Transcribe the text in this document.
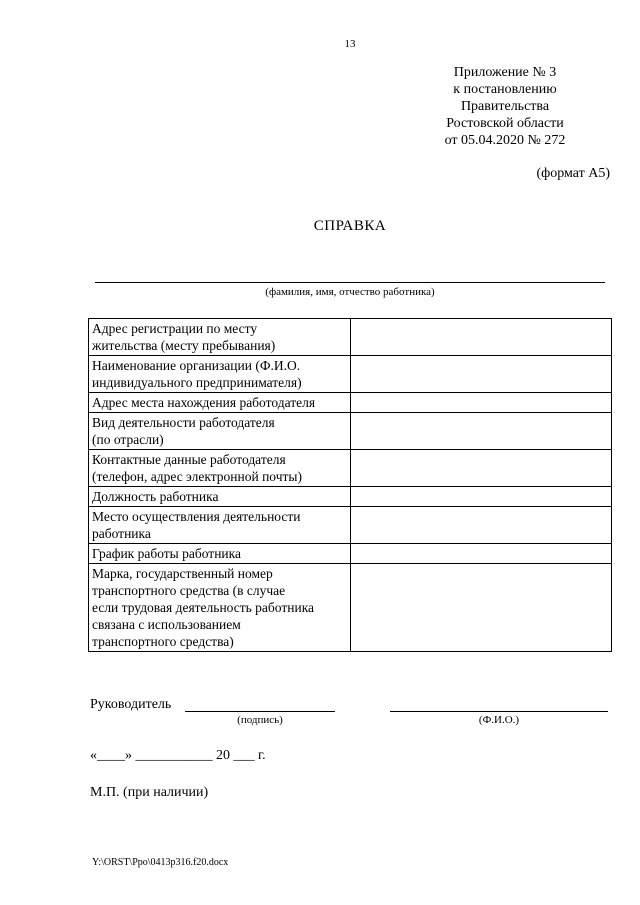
13
Приложение № 3
к постановлению
Правительства
Ростовской области
от 05.04.2020 № 272
(формат А5)
СПРАВКА
(фамилия, имя, отчество работника)
Адрес регистрации по месту
жительства (месту пребывания)	

Наименование организации (Ф.И.О.
индивидуального предпринимателя)	

Адрес места нахождения работодателя	

Вид деятельности работодателя
(по отрасли)	

Контактные данные работодателя
(телефон, адрес электронной почты)	

Должность работника	

Место осуществления деятельности
работника	

График работы работника	

Марка, государственный номер
транспортного средства (в случае
если трудовая деятельность работника
связана с использованием
транспортного средства)	

Руководитель
(подпись)	(Ф.И.О.)
«____» ___________ 20 ___ г.
М.П. (при наличии)
Y:\ORST\Ppo\0413p316.f20.docx
